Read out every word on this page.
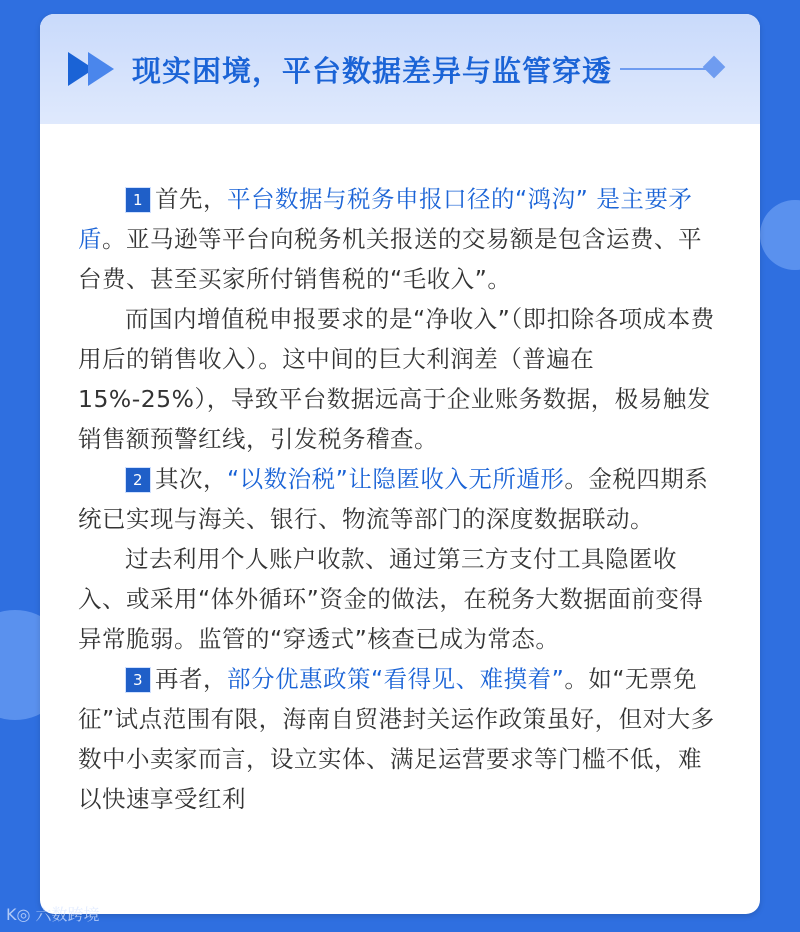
现实困境，平台数据差异与监管穿透

1 首先，平台数据与税务申报口径的“鸿沟” 是主要矛盾。亚马逊等平台向税务机关报送的交易额是包含运费、平台费、甚至买家所付销售税的“毛收入”。

而国内增值税申报要求的是“净收入”（即扣除各项成本费用后的销售收入）。这中间的巨大利润差（普遍在15%-25%），导致平台数据远高于企业账务数据，极易触发销售额预警红线，引发税务稽查。

2 其次，“以数治税”让隐匿收入无所遁形。金税四期系统已实现与海关、银行、物流等部门的深度数据联动。

过去利用个人账户收款、通过第三方支付工具隐匿收入、或采用“体外循环”资金的做法，在税务大数据面前变得异常脆弱。监管的“穿透式”核查已成为常态。

3 再者，部分优惠政策“看得见、难摸着”。如“无票免征”试点范围有限，海南自贸港封关运作政策虽好，但对大多数中小卖家而言，设立实体、满足运营要求等门槛不低，难以快速享受红利

K◎ 六数跨境
